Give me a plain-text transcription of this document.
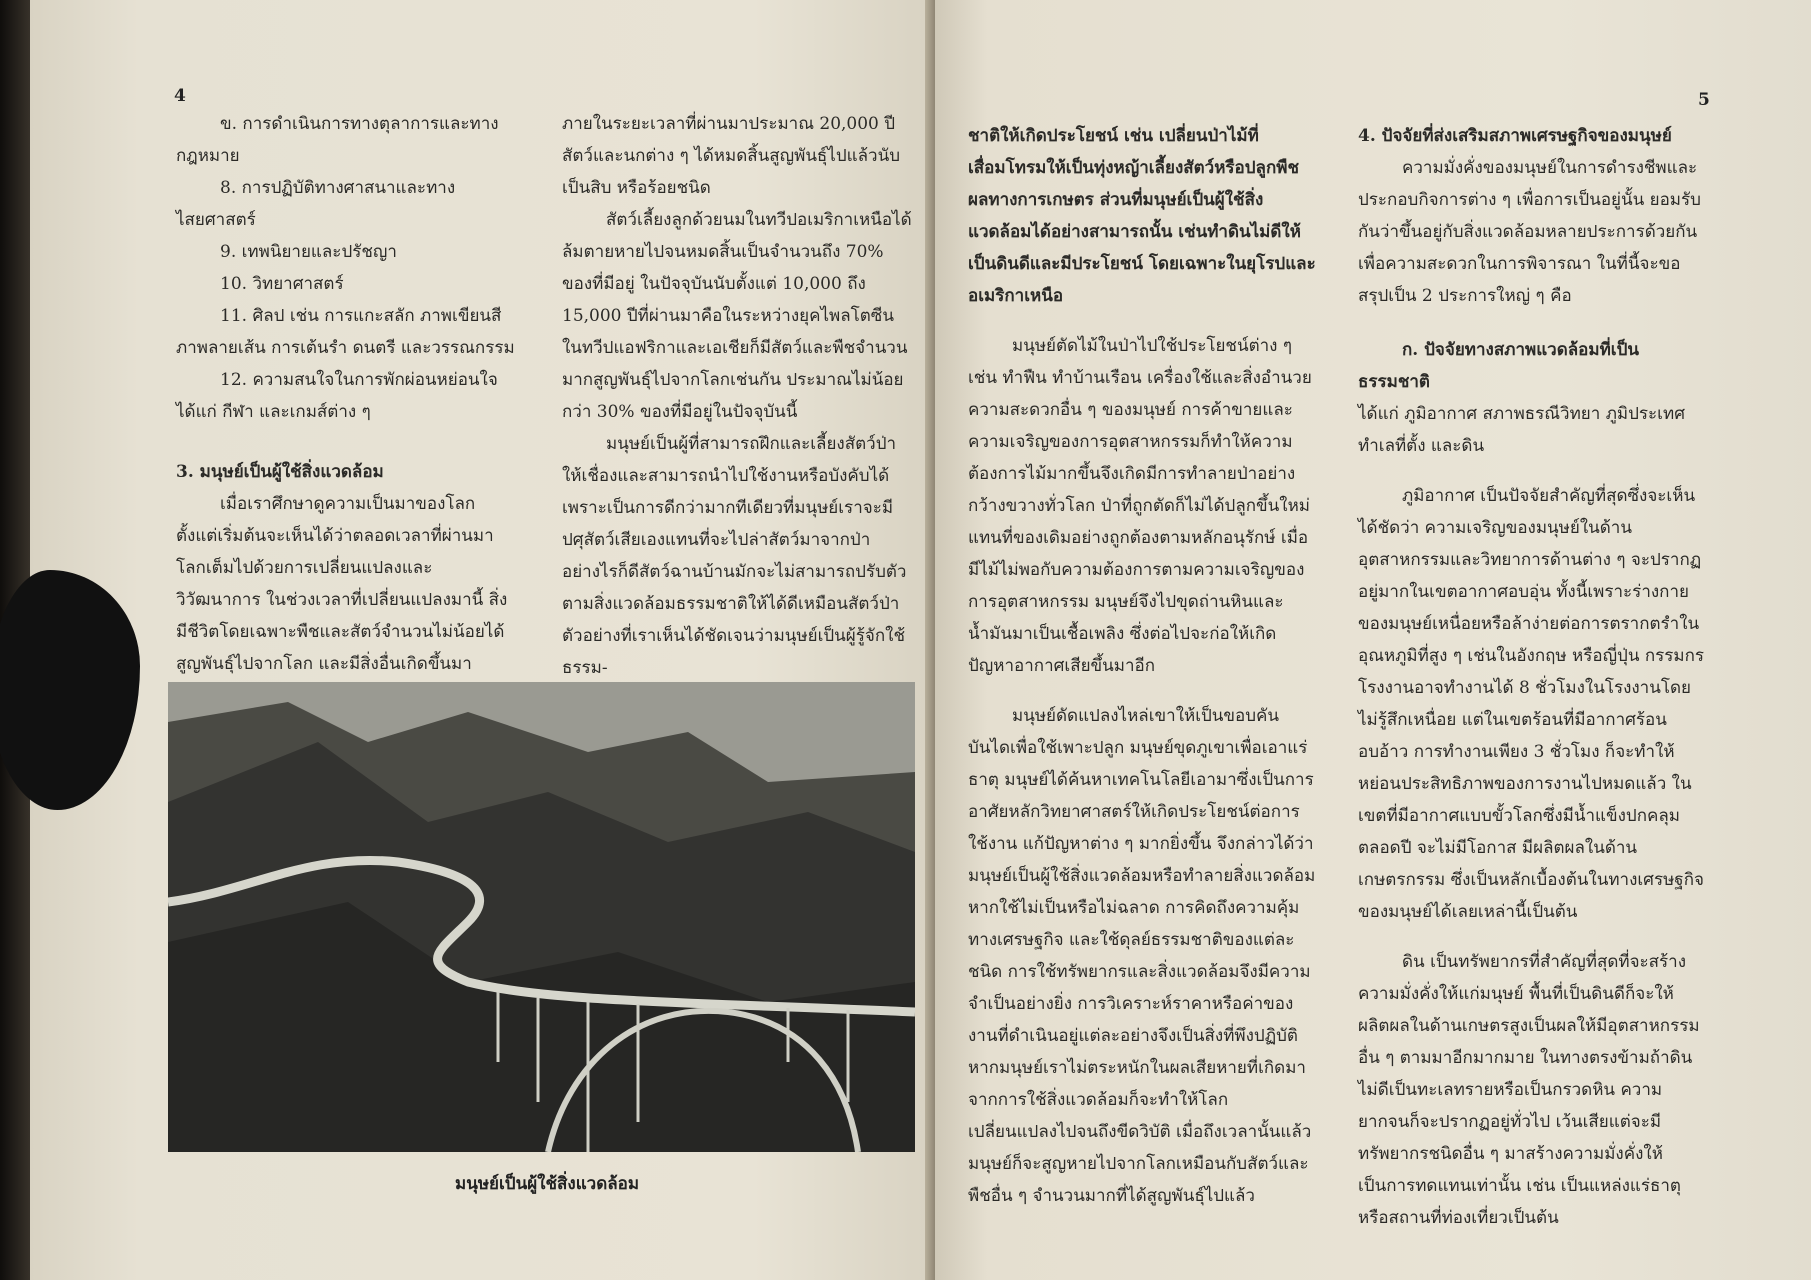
4

ข. การดำเนินการทางตุลาการและทางกฎหมาย

8. การปฏิบัติทางศาสนาและทางไสยศาสตร์

9. เทพนิยายและปรัชญา

10. วิทยาศาสตร์

11. ศิลป เช่น การแกะสลัก ภาพเขียนสีภาพลายเส้น การเต้นรำ ดนตรี และวรรณกรรม

12. ความสนใจในการพักผ่อนหย่อนใจ ได้แก่ กีฬา และเกมส์ต่าง ๆ

3. มนุษย์เป็นผู้ใช้สิ่งแวดล้อม

เมื่อเราศึกษาดูความเป็นมาของโลกตั้งแต่เริ่มต้นจะเห็นได้ว่าตลอดเวลาที่ผ่านมาโลกเต็มไปด้วยการเปลี่ยนแปลงและวิวัฒนาการ ในช่วงเวลาที่เปลี่ยนแปลงมานี้ สิ่งมีชีวิตโดยเฉพาะพืชและสัตว์จำนวนไม่น้อยได้สูญพันธุ์ไปจากโลก และมีสิ่งอื่นเกิดขึ้นมา

ภายในระยะเวลาที่ผ่านมาประมาณ 20,000 ปี สัตว์และนกต่าง ๆ ได้หมดสิ้นสูญพันธุ์ไปแล้วนับเป็นสิบ หรือร้อยชนิด

สัตว์เลี้ยงลูกด้วยนมในทวีปอเมริกาเหนือได้ล้มตายหายไปจนหมดสิ้นเป็นจำนวนถึง 70% ของที่มีอยู่ ในปัจจุบันนับตั้งแต่ 10,000 ถึง 15,000 ปีที่ผ่านมาคือในระหว่างยุคไพลโตซีน ในทวีปแอฟริกาและเอเชียก็มีสัตว์และพืชจำนวนมากสูญพันธุ์ไปจากโลกเช่นกัน ประมาณไม่น้อยกว่า 30% ของที่มีอยู่ในปัจจุบันนี้

มนุษย์เป็นผู้ที่สามารถฝึกและเลี้ยงสัตว์ป่าให้เชื่องและสามารถนำไปใช้งานหรือบังคับได้ เพราะเป็นการดีกว่ามากทีเดียวที่มนุษย์เราจะมีปศุสัตว์เสียเองแทนที่จะไปล่าสัตว์มาจากป่า อย่างไรก็ดีสัตว์ฉานบ้านมักจะไม่สามารถปรับตัวตามสิ่งแวดล้อมธรรมชาติให้ได้ดีเหมือนสัตว์ป่า ตัวอย่างที่เราเห็นได้ชัดเจนว่ามนุษย์เป็นผู้รู้จักใช้ธรรม-

มนุษย์เป็นผู้ใช้สิ่งแวดล้อม
5

ชาติให้เกิดประโยชน์ เช่น เปลี่ยนป่าไม้ที่เสื่อมโทรมให้เป็นทุ่งหญ้าเลี้ยงสัตว์หรือปลูกพืชผลทางการเกษตร ส่วนที่มนุษย์เป็นผู้ใช้สิ่งแวดล้อมได้อย่างสามารถนั้น เช่นทำดินไม่ดีให้เป็นดินดีและมีประโยชน์ โดยเฉพาะในยุโรปและอเมริกาเหนือ

มนุษย์ตัดไม้ในป่าไปใช้ประโยชน์ต่าง ๆ เช่น ทำฟืน ทำบ้านเรือน เครื่องใช้และสิ่งอำนวยความสะดวกอื่น ๆ ของมนุษย์ การค้าขายและความเจริญของการอุตสาหกรรมก็ทำให้ความต้องการไม้มากขึ้นจึงเกิดมีการทำลายป่าอย่างกว้างขวางทั่วโลก ป่าที่ถูกตัดก็ไม่ได้ปลูกขึ้นใหม่แทนที่ของเดิมอย่างถูกต้องตามหลักอนุรักษ์ เมื่อมีไม้ไม่พอกับความต้องการตามความเจริญของการอุตสาหกรรม มนุษย์จึงไปขุดถ่านหินและน้ำมันมาเป็นเชื้อเพลิง ซึ่งต่อไปจะก่อให้เกิดปัญหาอากาศเสียขึ้นมาอีก

มนุษย์ดัดแปลงไหล่เขาให้เป็นขอบคันบันไดเพื่อใช้เพาะปลูก มนุษย์ขุดภูเขาเพื่อเอาแร่ธาตุ มนุษย์ได้ค้นหาเทคโนโลยีเอามาซึ่งเป็นการอาศัยหลักวิทยาศาสตร์ให้เกิดประโยชน์ต่อการใช้งาน แก้ปัญหาต่าง ๆ มากยิ่งขึ้น จึงกล่าวได้ว่ามนุษย์เป็นผู้ใช้สิ่งแวดล้อมหรือทำลายสิ่งแวดล้อมหากใช้ไม่เป็นหรือไม่ฉลาด การคิดถึงความคุ้มทางเศรษฐกิจ และใช้ดุลย์ธรรมชาติของแต่ละชนิด การใช้ทรัพยากรและสิ่งแวดล้อมจึงมีความจำเป็นอย่างยิ่ง การวิเคราะห์ราคาหรือค่าของงานที่ดำเนินอยู่แต่ละอย่างจึงเป็นสิ่งที่พึงปฏิบัติ หากมนุษย์เราไม่ตระหนักในผลเสียหายที่เกิดมาจากการใช้สิ่งแวดล้อมก็จะทำให้โลกเปลี่ยนแปลงไปจนถึงขีดวิบัติ เมื่อถึงเวลานั้นแล้วมนุษย์ก็จะสูญหายไปจากโลกเหมือนกับสัตว์และพืชอื่น ๆ จำนวนมากที่ได้สูญพันธุ์ไปแล้ว

4. ปัจจัยที่ส่งเสริมสภาพเศรษฐกิจของมนุษย์

ความมั่งคั่งของมนุษย์ในการดำรงชีพและประกอบกิจการต่าง ๆ เพื่อการเป็นอยู่นั้น ยอมรับกันว่าขึ้นอยู่กับสิ่งแวดล้อมหลายประการด้วยกัน เพื่อความสะดวกในการพิจารณา ในที่นี้จะขอสรุปเป็น 2 ประการใหญ่ ๆ คือ

ก. ปัจจัยทางสภาพแวดล้อมที่เป็นธรรมชาติ

ได้แก่ ภูมิอากาศ สภาพธรณีวิทยา ภูมิประเทศ ทำเลที่ตั้ง และดิน

ภูมิอากาศ เป็นปัจจัยสำคัญที่สุดซึ่งจะเห็นได้ชัดว่า ความเจริญของมนุษย์ในด้านอุตสาหกรรมและวิทยาการด้านต่าง ๆ จะปรากฏอยู่มากในเขตอากาศอบอุ่น ทั้งนี้เพราะร่างกายของมนุษย์เหนื่อยหรือล้าง่ายต่อการตรากตรำในอุณหภูมิที่สูง ๆ เช่นในอังกฤษ หรือญี่ปุ่น กรรมกรโรงงานอาจทำงานได้ 8 ชั่วโมงในโรงงานโดยไม่รู้สึกเหนื่อย แต่ในเขตร้อนที่มีอากาศร้อนอบอ้าว การทำงานเพียง 3 ชั่วโมง ก็จะทำให้หย่อนประสิทธิภาพของการงานไปหมดแล้ว ในเขตที่มีอากาศแบบขั้วโลกซึ่งมีน้ำแข็งปกคลุมตลอดปี จะไม่มีโอกาส มีผลิตผลในด้านเกษตรกรรม ซึ่งเป็นหลักเบื้องต้นในทางเศรษฐกิจของมนุษย์ได้เลยเหล่านี้เป็นต้น

ดิน เป็นทรัพยากรที่สำคัญที่สุดที่จะสร้างความมั่งคั่งให้แก่มนุษย์ พื้นที่เป็นดินดีก็จะให้ผลิตผลในด้านเกษตรสูงเป็นผลให้มีอุตสาหกรรมอื่น ๆ ตามมาอีกมากมาย ในทางตรงข้ามถ้าดินไม่ดีเป็นทะเลทรายหรือเป็นกรวดหิน ความยากจนก็จะปรากฏอยู่ทั่วไป เว้นเสียแต่จะมีทรัพยากรชนิดอื่น ๆ มาสร้างความมั่งคั่งให้เป็นการทดแทนเท่านั้น เช่น เป็นแหล่งแร่ธาตุ หรือสถานที่ท่องเที่ยวเป็นต้น
